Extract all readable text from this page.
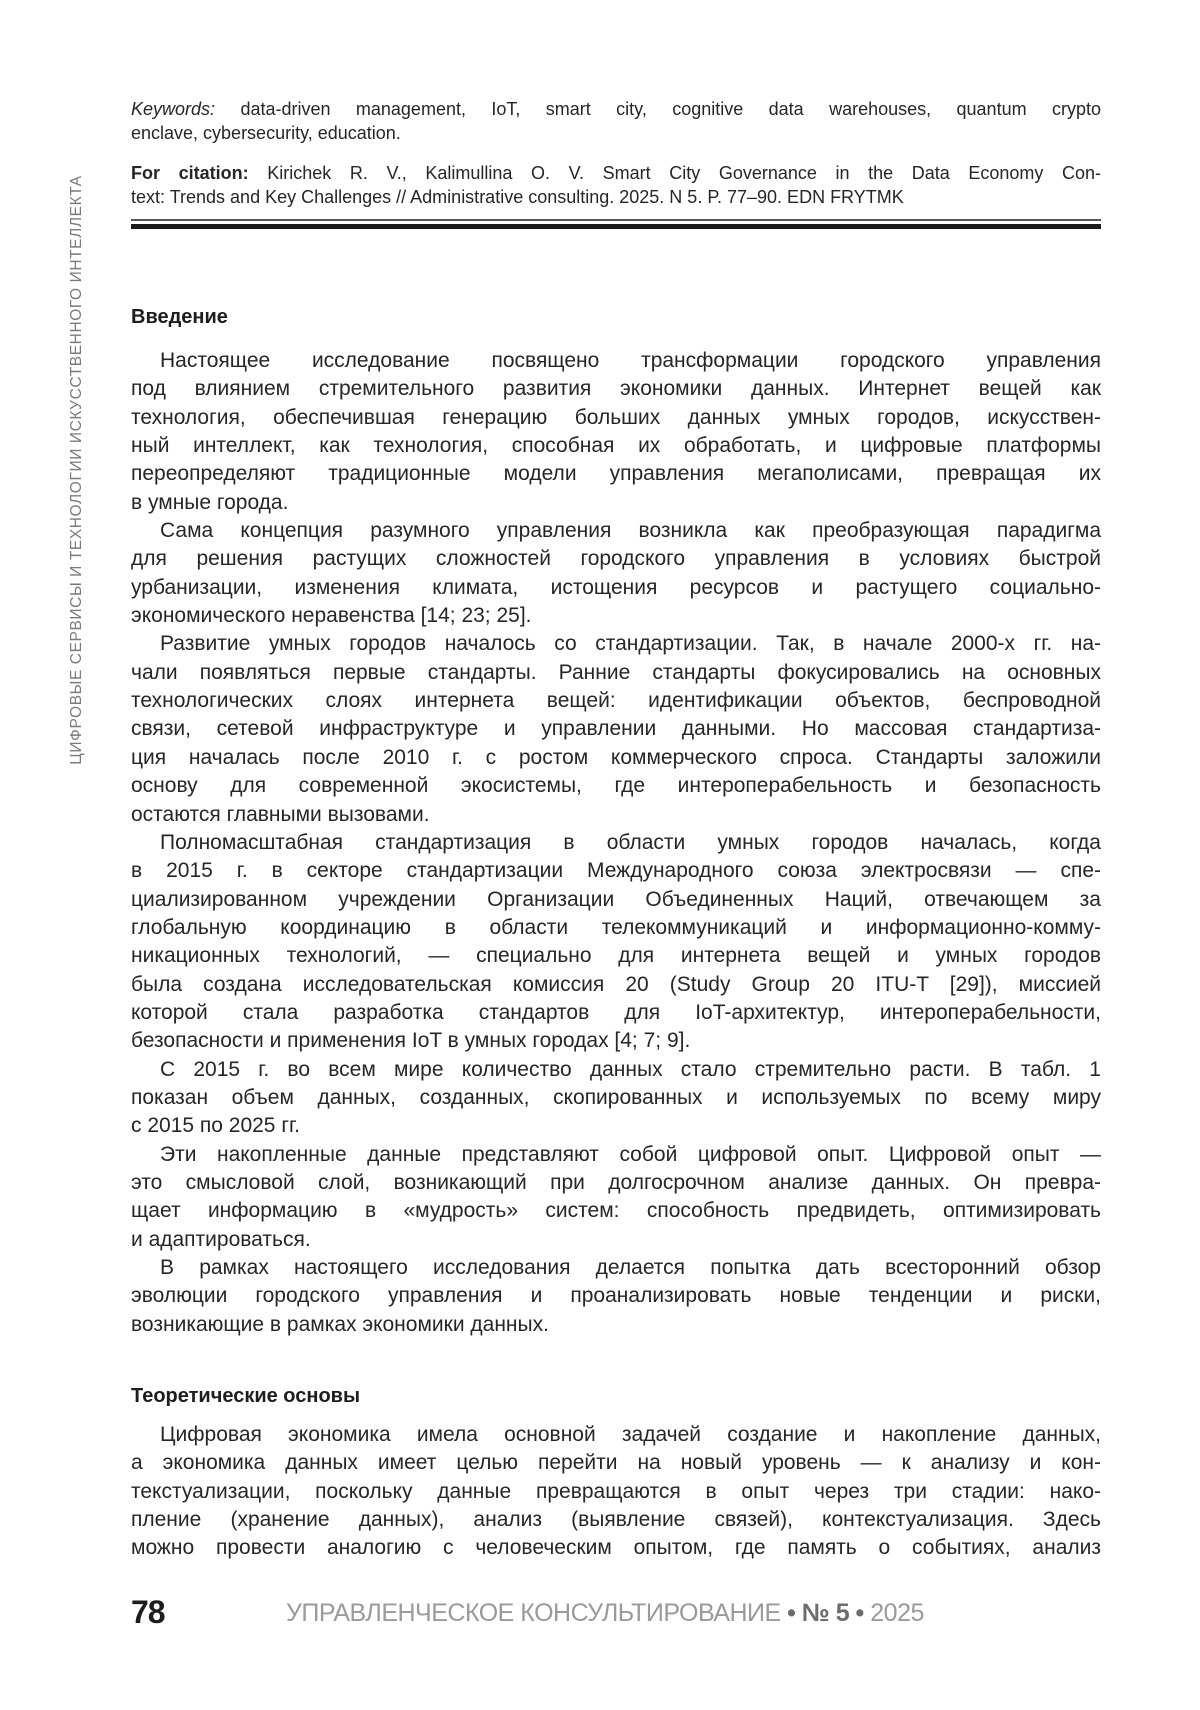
ЦИФРОВЫЕ СЕРВИСЫ И ТЕХНОЛОГИИ ИСКУССТВЕННОГО ИНТЕЛЛЕКТА
Keywords: data-driven management, IoT, smart city, cognitive data warehouses, quantum crypto
enclave, cybersecurity, education.
For citation: Kirichek R. V., Kalimullina O. V. Smart City Governance in the Data Economy Con-
text: Trends and Key Challenges // Administrative consulting. 2025. N 5. P. 77–90. EDN FRYTMK
Введение
Настоящее исследование посвящено трансформации городского управления
под влиянием стремительного развития экономики данных. Интернет вещей как
технология, обеспечившая генерацию больших данных умных городов, искусствен-
ный интеллект, как технология, способная их обработать, и цифровые платформы
переопределяют традиционные модели управления мегаполисами, превращая их
в умные города.
Сама концепция разумного управления возникла как преобразующая парадигма
для решения растущих сложностей городского управления в условиях быстрой
урбанизации, изменения климата, истощения ресурсов и растущего социально-
экономического неравенства [14; 23; 25].
Развитие умных городов началось со стандартизации. Так, в начале 2000-х гг. на-
чали появляться первые стандарты. Ранние стандарты фокусировались на основных
технологических слоях интернета вещей: идентификации объектов, беспроводной
связи, сетевой инфраструктуре и управлении данными. Но массовая стандартиза-
ция началась после 2010 г. с ростом коммерческого спроса. Стандарты заложили
основу для современной экосистемы, где интероперабельность и безопасность
остаются главными вызовами.
Полномасштабная стандартизация в области умных городов началась, когда
в 2015 г. в секторе стандартизации Международного союза электросвязи — спе-
циализированном учреждении Организации Объединенных Наций, отвечающем за
глобальную координацию в области телекоммуникаций и информационно-комму-
никационных технологий, — специально для интернета вещей и умных городов
была создана исследовательская комиссия 20 (Study Group 20 ITU-T [29]), миссией
которой стала разработка стандартов для IoT-архитектур, интероперабельности,
безопасности и применения IoT в умных городах [4; 7; 9].
С 2015 г. во всем мире количество данных стало стремительно расти. В табл. 1
показан объем данных, созданных, скопированных и используемых по всему миру
с 2015 по 2025 гг.
Эти накопленные данные представляют собой цифровой опыт. Цифровой опыт —
это смысловой слой, возникающий при долгосрочном анализе данных. Он превра-
щает информацию в «мудрость» систем: способность предвидеть, оптимизировать
и адаптироваться.
В рамках настоящего исследования делается попытка дать всесторонний обзор
эволюции городского управления и проанализировать новые тенденции и риски,
возникающие в рамках экономики данных.
Теоретические основы
Цифровая экономика имела основной задачей создание и накопление данных,
а экономика данных имеет целью перейти на новый уровень — к анализу и кон-
текстуализации, поскольку данные превращаются в опыт через три стадии: нако-
пление (хранение данных), анализ (выявление связей), контекстуализация. Здесь
можно провести аналогию с человеческим опытом, где память о событиях, анализ
78	УПРАВЛЕНЧЕСКОЕ КОНСУЛЬТИРОВАНИЕ • № 5 • 2025
